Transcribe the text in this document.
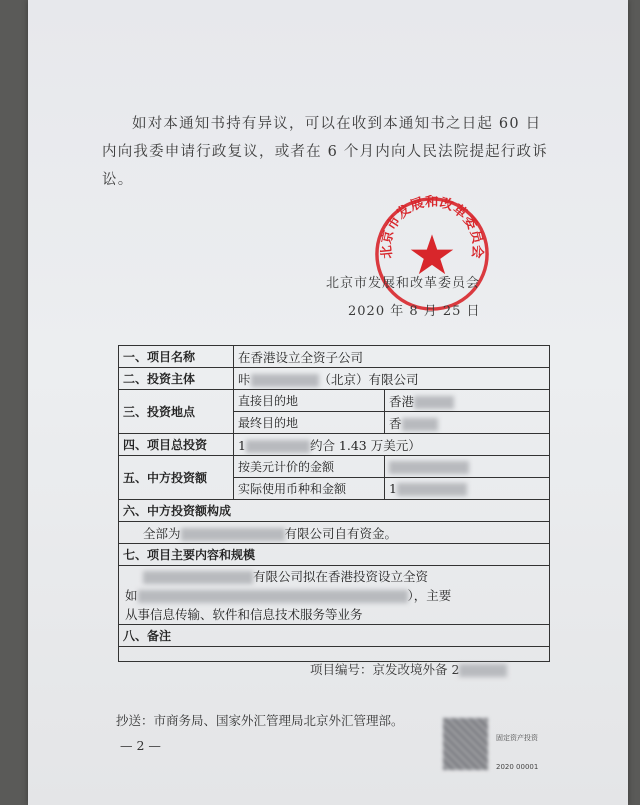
如对本通知书持有异议，可以在收到本通知书之日起 60 日
内向我委申请行政复议，或者在 6 个月内向人民法院提起行政诉
讼。
北京市发展和改革委员会
北京市发展和改革委员会
2020 年 8 月 25 日
一、项目名称	在香港设立全资子公司	
二、投资主体	咔 （北京）有限公司	
三、投资地点	直接目的地	香港
	最终目的地	香
四、项目总投资	1 约合 1.43 万美元）	
五、中方投资额	按美元计价的金额	
	实际使用币种和金额	1
六、中方投资额构成		
全部为 有限公司自有资金。		
七、项目主要内容和规模		

有限公司拟在香港投资设立全资
如 ），主要
从事信息传输、软件和信息技术服务等业务		

八、备注		

项目编号：京发改境外备 2
抄送：市商务局、国家外汇管理局北京外汇管理部。
— 2 —	固定资产投资
2020 00001
